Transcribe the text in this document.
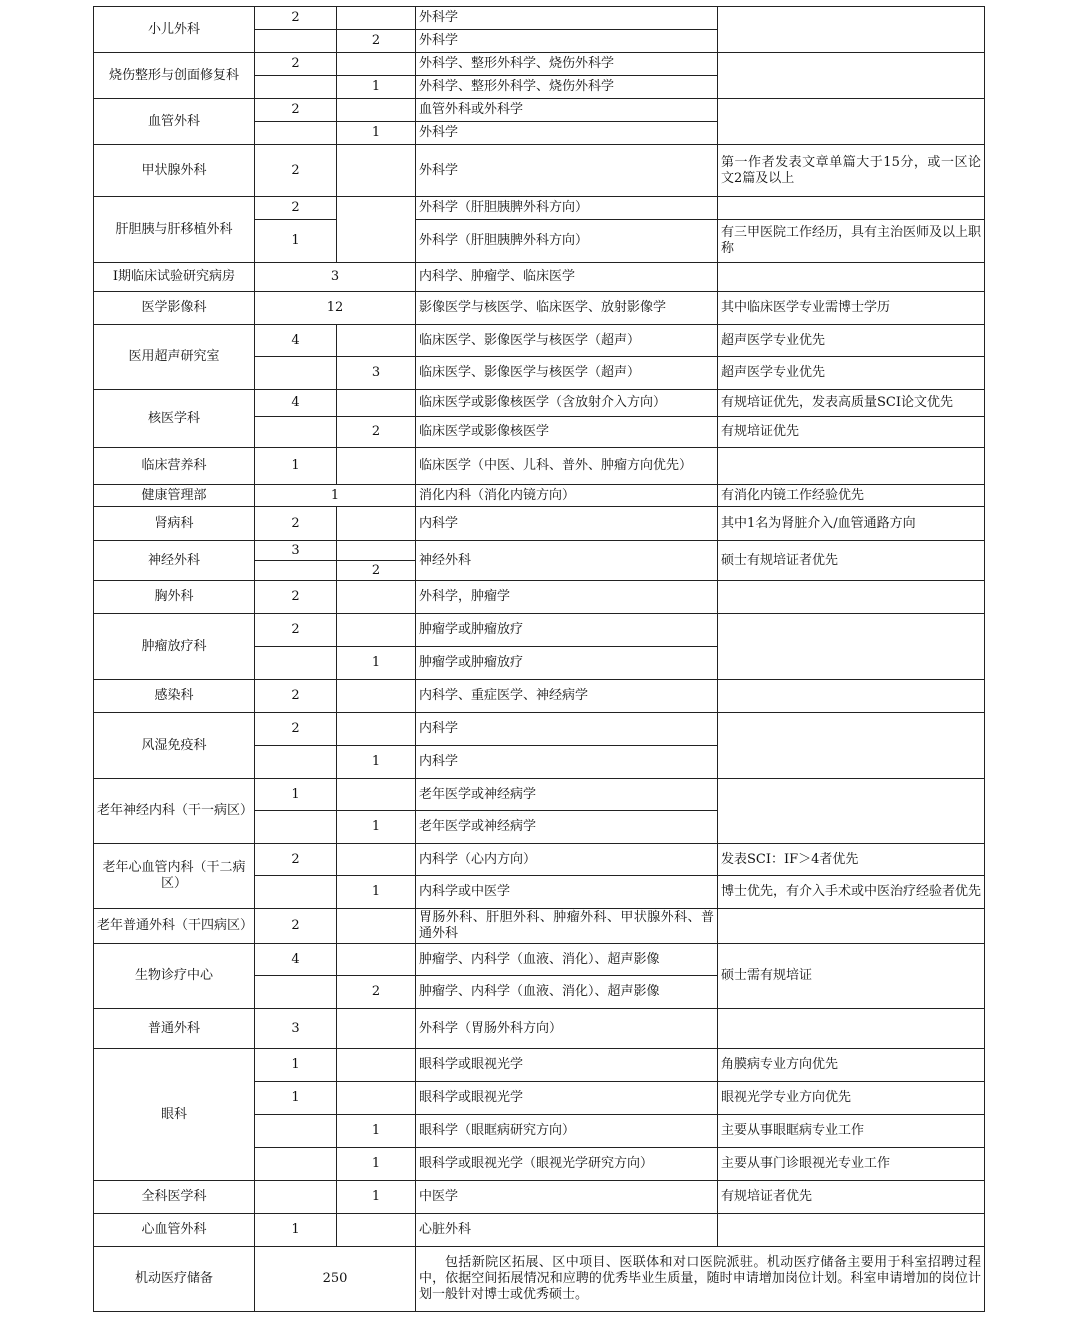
小儿外科	2		外科学	
		2	外科学	
烧伤整形与创面修复科	2		外科学、整形外科学、烧伤外科学	
		1	外科学、整形外科学、烧伤外科学	
血管外科	2		血管外科或外科学	
		1	外科学	
甲状腺外科	2		外科学	第一作者发表文章单篇大于15分，或一区论文2篇及以上
肝胆胰与肝移植外科	2		外科学（肝胆胰脾外科方向）	
	1		外科学（肝胆胰脾外科方向）	有三甲医院工作经历，具有主治医师及以上职称
Ⅰ期临床试验研究病房	3		内科学、肿瘤学、临床医学	
医学影像科	12		影像医学与核医学、临床医学、放射影像学	其中临床医学专业需博士学历
医用超声研究室	4		临床医学、影像医学与核医学（超声）	超声医学专业优先
		3	临床医学、影像医学与核医学（超声）	超声医学专业优先
核医学科	4		临床医学或影像核医学（含放射介入方向）	有规培证优先，发表高质量SCI论文优先
		2	临床医学或影像核医学	有规培证优先
临床营养科	1		临床医学（中医、儿科、普外、肿瘤方向优先）	
健康管理部	1		消化内科（消化内镜方向）	有消化内镜工作经验优先
肾病科	2		内科学	其中1名为肾脏介入/血管通路方向
神经外科	3		神经外科	硕士有规培证者优先
		2		
胸外科	2		外科学，肿瘤学	
肿瘤放疗科	2		肿瘤学或肿瘤放疗	
		1	肿瘤学或肿瘤放疗	
感染科	2		内科学、重症医学、神经病学	
风湿免疫科	2		内科学	
		1	内科学	
老年神经内科（干一病区）	1		老年医学或神经病学	
		1	老年医学或神经病学	
老年心血管内科（干二病区）	2		内科学（心内方向）	发表SCI：IF＞4者优先
		1	内科学或中医学	博士优先，有介入手术或中医治疗经验者优先
老年普通外科（干四病区）	2		胃肠外科、肝胆外科、肿瘤外科、甲状腺外科、普通外科	
生物诊疗中心	4		肿瘤学、内科学（血液、消化）、超声影像	硕士需有规培证
		2	肿瘤学、内科学（血液、消化）、超声影像	
普通外科	3		外科学（胃肠外科方向）	
眼科	1		眼科学或眼视光学	角膜病专业方向优先
	1		眼科学或眼视光学	眼视光学专业方向优先
		1	眼科学（眼眶病研究方向）	主要从事眼眶病专业工作
		1	眼科学或眼视光学（眼视光学研究方向）	主要从事门诊眼视光专业工作
全科医学科		1	中医学	有规培证者优先
心血管外科	1		心脏外科	
机动医疗储备	250		包括新院区拓展、区中项目、医联体和对口医院派驻。机动医疗储备主要用于科室招聘过程中，依据空间拓展情况和应聘的优秀毕业生质量，随时申请增加岗位计划。科室申请增加的岗位计划一般针对博士或优秀硕士。	
